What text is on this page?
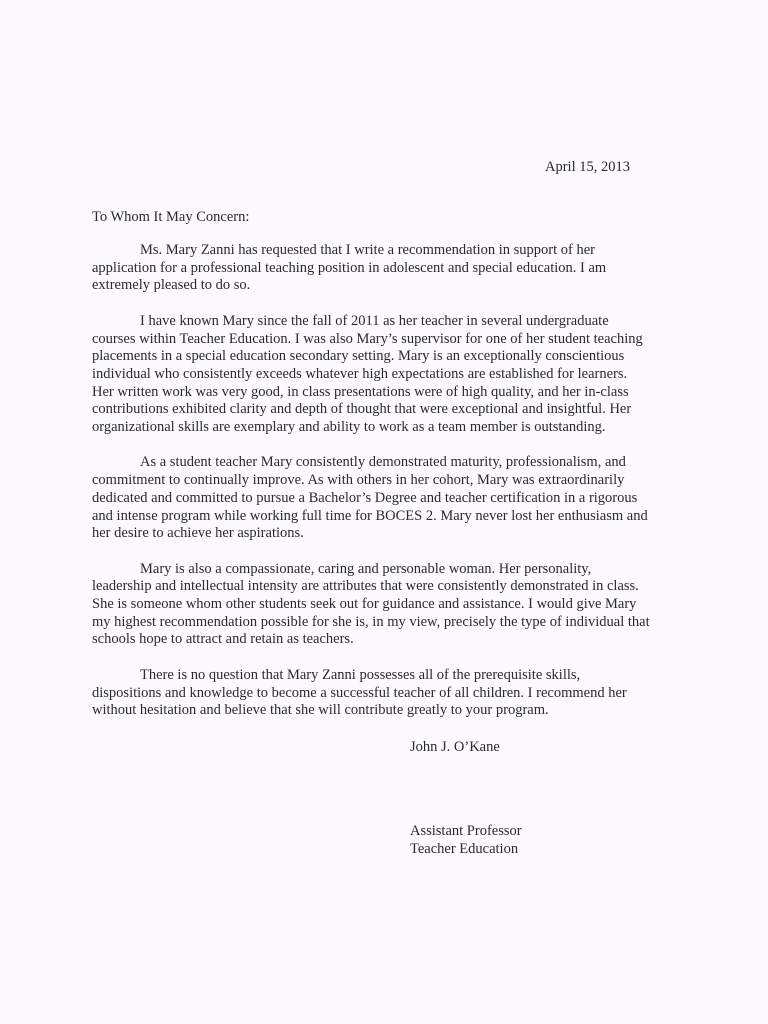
April 15, 2013
To Whom It May Concern:

Ms. Mary Zanni has requested that I write a recommendation in support of her application for a professional teaching position in adolescent and special education. I am extremely pleased to do so.

I have known Mary since the fall of 2011 as her teacher in several undergraduate courses within Teacher Education. I was also Mary’s supervisor for one of her student teaching placements in a special education secondary setting. Mary is an exceptionally conscientious individual who consistently exceeds whatever high expectations are established for learners. Her written work was very good, in class presentations were of high quality, and her in-class contributions exhibited clarity and depth of thought that were exceptional and insightful. Her organizational skills are exemplary and ability to work as a team member is outstanding.

As a student teacher Mary consistently demonstrated maturity, professionalism, and commitment to continually improve. As with others in her cohort, Mary was extraordinarily dedicated and committed to pursue a Bachelor’s Degree and teacher certification in a rigorous and intense program while working full time for BOCES 2. Mary never lost her enthusiasm and her desire to achieve her aspirations.

Mary is also a compassionate, caring and personable woman. Her personality, leadership and intellectual intensity are attributes that were consistently demonstrated in class. She is someone whom other students seek out for guidance and assistance. I would give Mary my highest recommendation possible for she is, in my view, precisely the type of individual that schools hope to attract and retain as teachers.

There is no question that Mary Zanni possesses all of the prerequisite skills, dispositions and knowledge to become a successful teacher of all children. I recommend her without hesitation and believe that she will contribute greatly to your program.

John J. O’Kane
Assistant Professor
Teacher Education
